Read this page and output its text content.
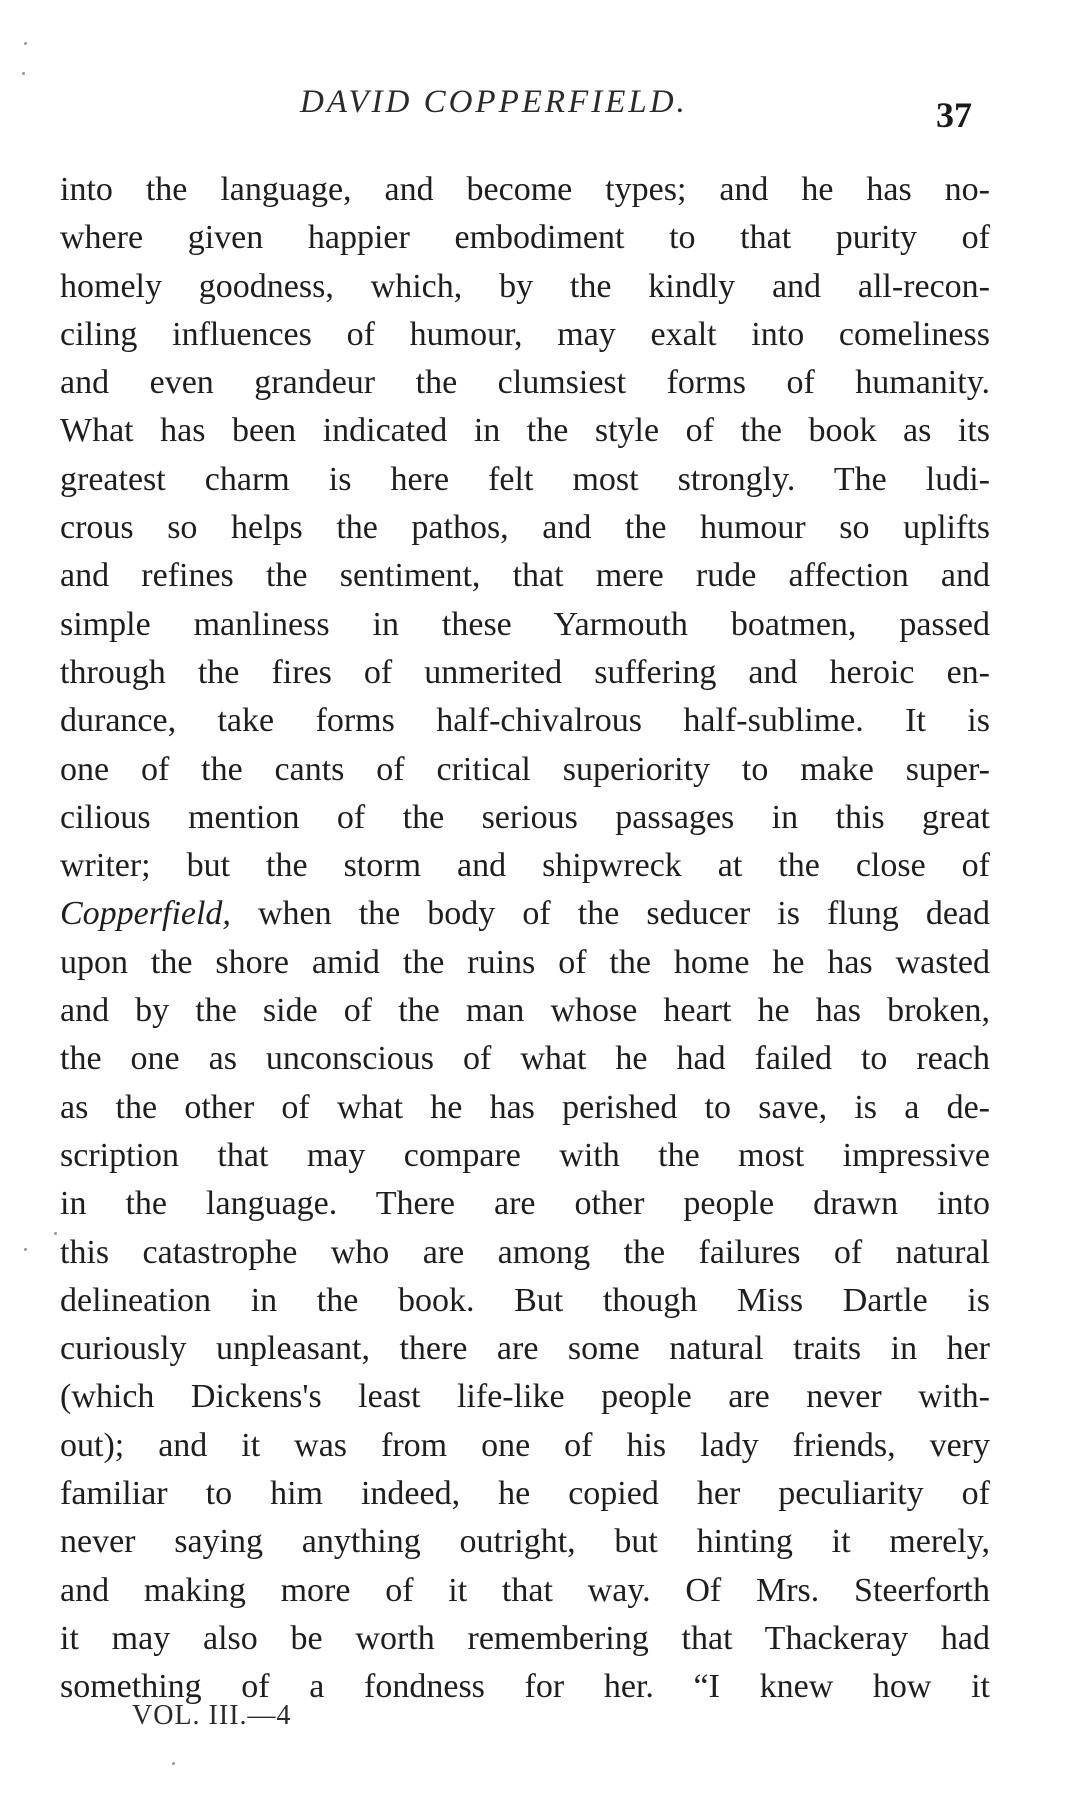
DAVID COPPERFIELD.	37
into the language, and become types; and he has no-
where given happier embodiment to that purity of
homely goodness, which, by the kindly and all-recon-
ciling influences of humour, may exalt into comeliness
and even grandeur the clumsiest forms of humanity.
What has been indicated in the style of the book as its
greatest charm is here felt most strongly. The ludi-
crous so helps the pathos, and the humour so uplifts
and refines the sentiment, that mere rude affection and
simple manliness in these Yarmouth boatmen, passed
through the fires of unmerited suffering and heroic en-
durance, take forms half-chivalrous half-sublime. It is
one of the cants of critical superiority to make super-
cilious mention of the serious passages in this great
writer; but the storm and shipwreck at the close of
Copperfield, when the body of the seducer is flung dead
upon the shore amid the ruins of the home he has wasted
and by the side of the man whose heart he has broken,
the one as unconscious of what he had failed to reach
as the other of what he has perished to save, is a de-
scription that may compare with the most impressive
in the language. There are other people drawn into
this catastrophe who are among the failures of natural
delineation in the book. But though Miss Dartle is
curiously unpleasant, there are some natural traits in her
(which Dickens's least life-like people are never with-
out); and it was from one of his lady friends, very
familiar to him indeed, he copied her peculiarity of
never saying anything outright, but hinting it merely,
and making more of it that way. Of Mrs. Steerforth
it may also be worth remembering that Thackeray had
something of a fondness for her. “I knew how it
VOL. III.—4
